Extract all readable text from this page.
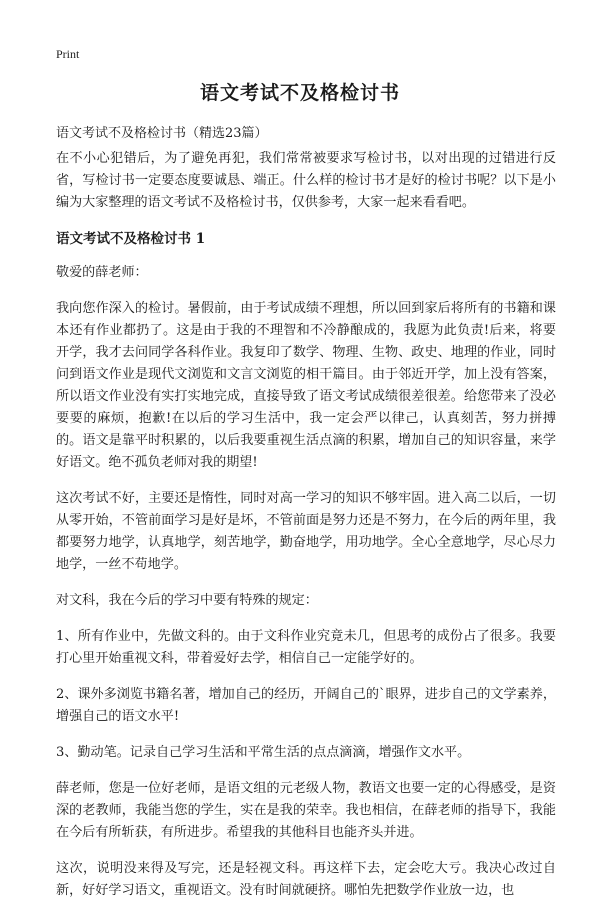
Print
语文考试不及格检讨书
语文考试不及格检讨书（精选23篇）

在不小心犯错后，为了避免再犯，我们常常被要求写检讨书，以对出现的过错进行反省，写检讨书一定要态度要诚恳、端正。什么样的检讨书才是好的检讨书呢？以下是小编为大家整理的语文考试不及格检讨书，仅供参考，大家一起来看看吧。

语文考试不及格检讨书 1

敬爱的薛老师：

我向您作深入的检讨。暑假前，由于考试成绩不理想，所以回到家后将所有的书籍和课本还有作业都扔了。这是由于我的不理智和不冷静酿成的，我愿为此负责!后来，将要开学，我才去问同学各科作业。我复印了数学、物理、生物、政史、地理的作业，同时问到语文作业是现代文浏览和文言文浏览的相干篇目。由于邻近开学，加上没有答案，所以语文作业没有实打实地完成，直接导致了语文考试成绩很差很差。给您带来了没必要要的麻烦，抱歉!在以后的学习生活中，我一定会严以律己，认真刻苦，努力拼搏的。语文是靠平时积累的，以后我要重视生活点滴的积累，增加自己的知识容量，来学好语文。绝不孤负老师对我的期望!

这次考试不好，主要还是惰性，同时对高一学习的知识不够牢固。进入高二以后，一切从零开始，不管前面学习是好是坏，不管前面是努力还是不努力，在今后的两年里，我都要努力地学，认真地学，刻苦地学，勤奋地学，用功地学。全心全意地学，尽心尽力地学，一丝不苟地学。

对文科，我在今后的学习中要有特殊的规定：

1、所有作业中，先做文科的。由于文科作业究竟未几，但思考的成份占了很多。我要打心里开始重视文科，带着爱好去学，相信自己一定能学好的。

2、课外多浏览书籍名著，增加自己的经历，开阔自己的`眼界，进步自己的文学素养，增强自己的语文水平!

3、勤动笔。记录自己学习生活和平常生活的点点滴滴，增强作文水平。

薛老师，您是一位好老师，是语文组的元老级人物，教语文也要一定的心得感受，是资深的老教师，我能当您的学生，实在是我的荣幸。我也相信，在薛老师的指导下，我能在今后有所斩获，有所进步。希望我的其他科目也能齐头并进。

这次，说明没来得及写完，还是轻视文科。再这样下去，定会吃大亏。我决心改过自新，好好学习语文，重视语文。没有时间就硬挤。哪怕先把数学作业放一边，也
